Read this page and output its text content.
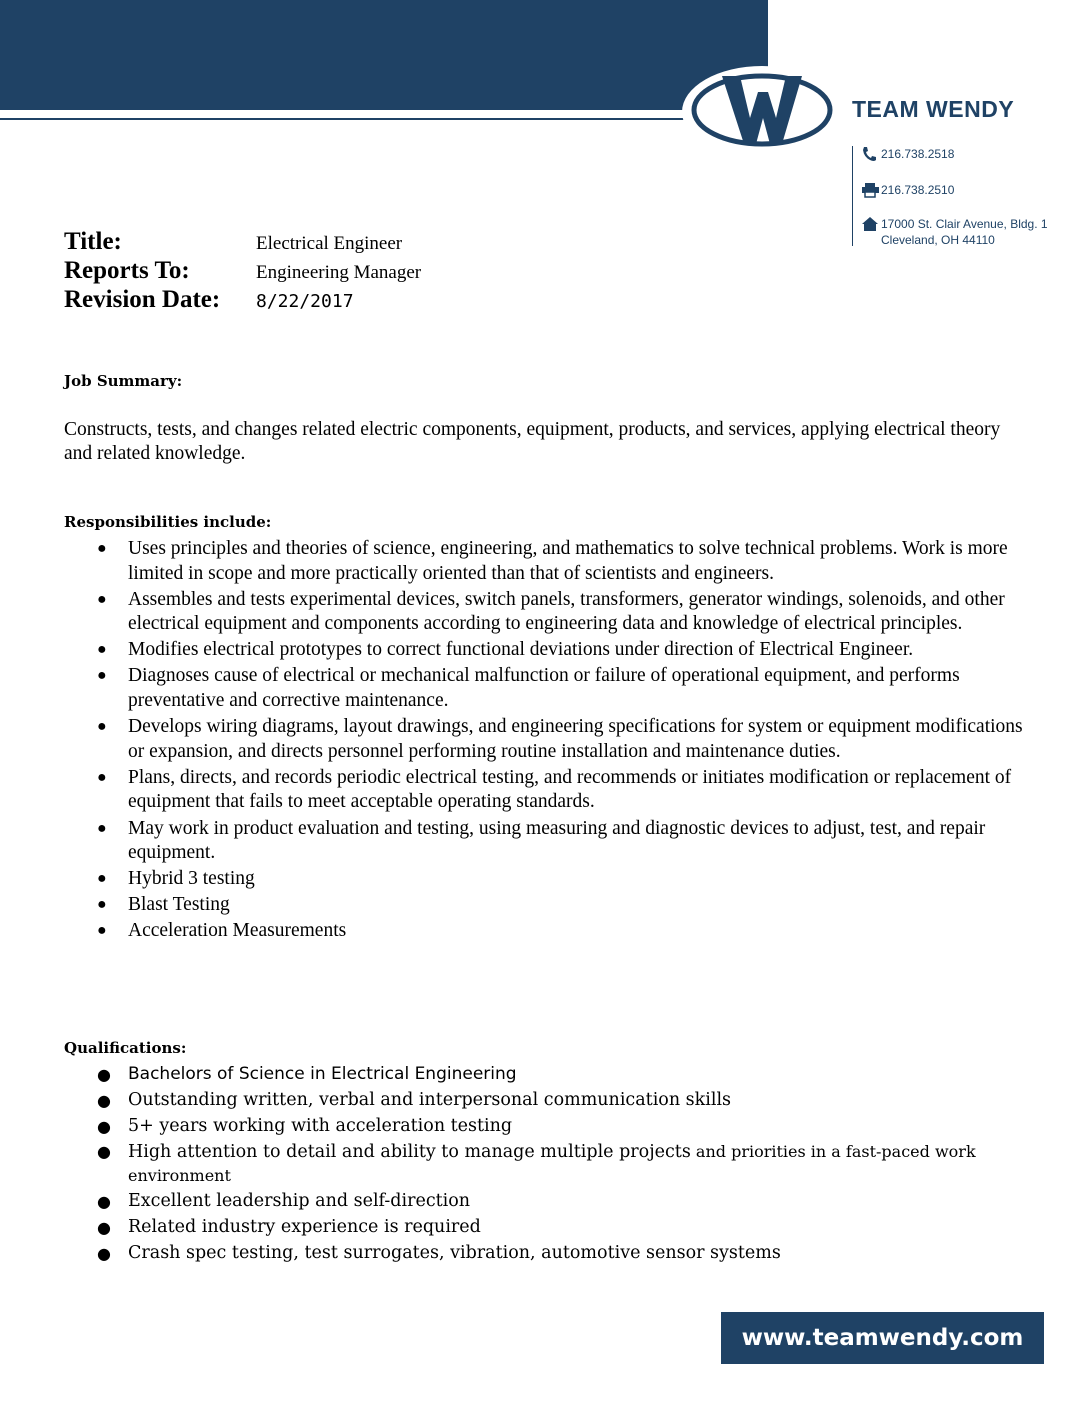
TEAM WENDY
216.738.2518
216.738.2510
17000 St. Clair Avenue, Bldg. 1
Cleveland, OH 44110
Title:	Electrical Engineer
Reports To:	Engineering Manager
Revision Date:	8/22/2017
Job Summary:
Constructs, tests, and changes related electric components, equipment, products, and services, applying electrical theory and related knowledge.
Responsibilities include:
● Uses principles and theories of science, engineering, and mathematics to solve technical problems. Work is more limited in scope and more practically oriented than that of scientists and engineers.
● Assembles and tests experimental devices, switch panels, transformers, generator windings, solenoids, and other electrical equipment and components according to engineering data and knowledge of electrical principles.
● Modifies electrical prototypes to correct functional deviations under direction of Electrical Engineer.
● Diagnoses cause of electrical or mechanical malfunction or failure of operational equipment, and performs preventative and corrective maintenance.
● Develops wiring diagrams, layout drawings, and engineering specifications for system or equipment modifications or expansion, and directs personnel performing routine installation and maintenance duties.
● Plans, directs, and records periodic electrical testing, and recommends or initiates modification or replacement of equipment that fails to meet acceptable operating standards.
● May work in product evaluation and testing, using measuring and diagnostic devices to adjust, test, and repair equipment.
● Hybrid 3 testing
● Blast Testing
● Acceleration Measurements
Qualifications:
● Bachelors of Science in Electrical Engineering
● Outstanding written, verbal and interpersonal communication skills
● 5+ years working with acceleration testing
● High attention to detail and ability to manage multiple projects and priorities in a fast-paced work environment
● Excellent leadership and self-direction
● Related industry experience is required
● Crash spec testing, test surrogates, vibration, automotive sensor systems
www.teamwendy.com
